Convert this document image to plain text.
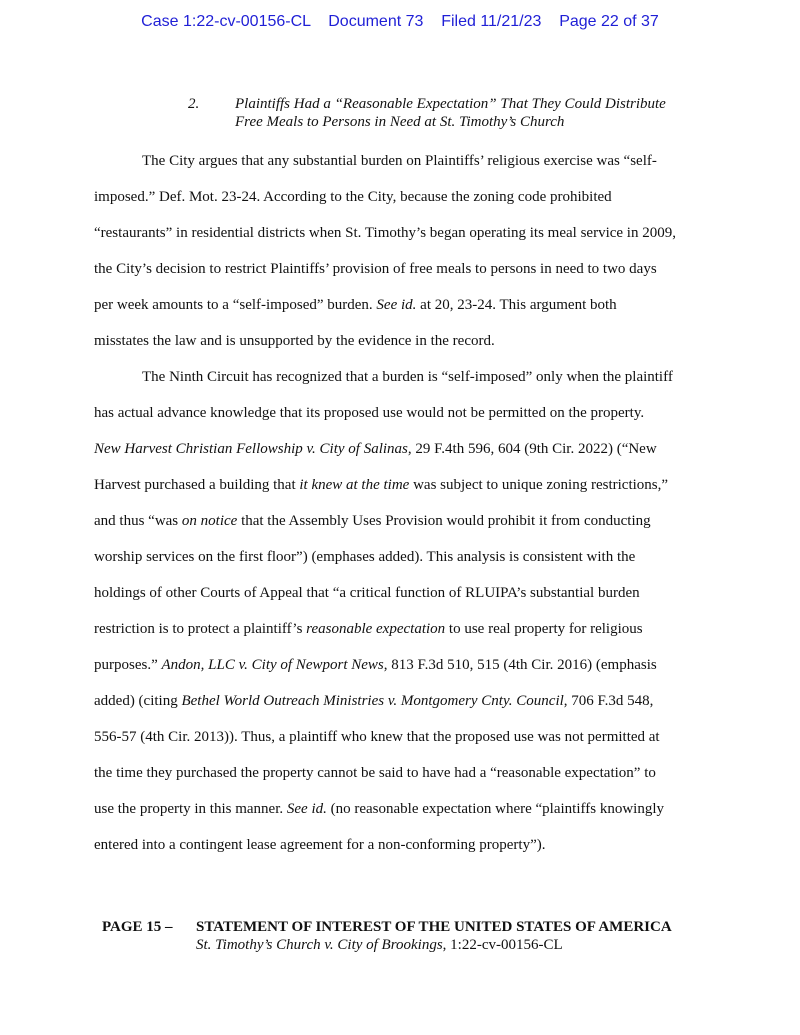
Case 1:22-cv-00156-CL Document 73 Filed 11/21/23 Page 22 of 37
2. Plaintiffs Had a “Reasonable Expectation” That They Could Distribute
Free Meals to Persons in Need at St. Timothy’s Church
The City argues that any substantial burden on Plaintiffs’ religious exercise was “self-
imposed.” Def. Mot. 23-24. According to the City, because the zoning code prohibited
“restaurants” in residential districts when St. Timothy’s began operating its meal service in 2009,
the City’s decision to restrict Plaintiffs’ provision of free meals to persons in need to two days
per week amounts to a “self-imposed” burden. See id. at 20, 23-24. This argument both
misstates the law and is unsupported by the evidence in the record.
The Ninth Circuit has recognized that a burden is “self-imposed” only when the plaintiff
has actual advance knowledge that its proposed use would not be permitted on the property.
New Harvest Christian Fellowship v. City of Salinas, 29 F.4th 596, 604 (9th Cir. 2022) (“New
Harvest purchased a building that it knew at the time was subject to unique zoning restrictions,”
and thus “was on notice that the Assembly Uses Provision would prohibit it from conducting
worship services on the first floor”) (emphases added). This analysis is consistent with the
holdings of other Courts of Appeal that “a critical function of RLUIPA’s substantial burden
restriction is to protect a plaintiff’s reasonable expectation to use real property for religious
purposes.” Andon, LLC v. City of Newport News, 813 F.3d 510, 515 (4th Cir. 2016) (emphasis
added) (citing Bethel World Outreach Ministries v. Montgomery Cnty. Council, 706 F.3d 548,
556-57 (4th Cir. 2013)). Thus, a plaintiff who knew that the proposed use was not permitted at
the time they purchased the property cannot be said to have had a “reasonable expectation” to
use the property in this manner. See id. (no reasonable expectation where “plaintiffs knowingly
entered into a contingent lease agreement for a non-conforming property”).
PAGE 15 – STATEMENT OF INTEREST OF THE UNITED STATES OF AMERICA
St. Timothy’s Church v. City of Brookings, 1:22-cv-00156-CL
